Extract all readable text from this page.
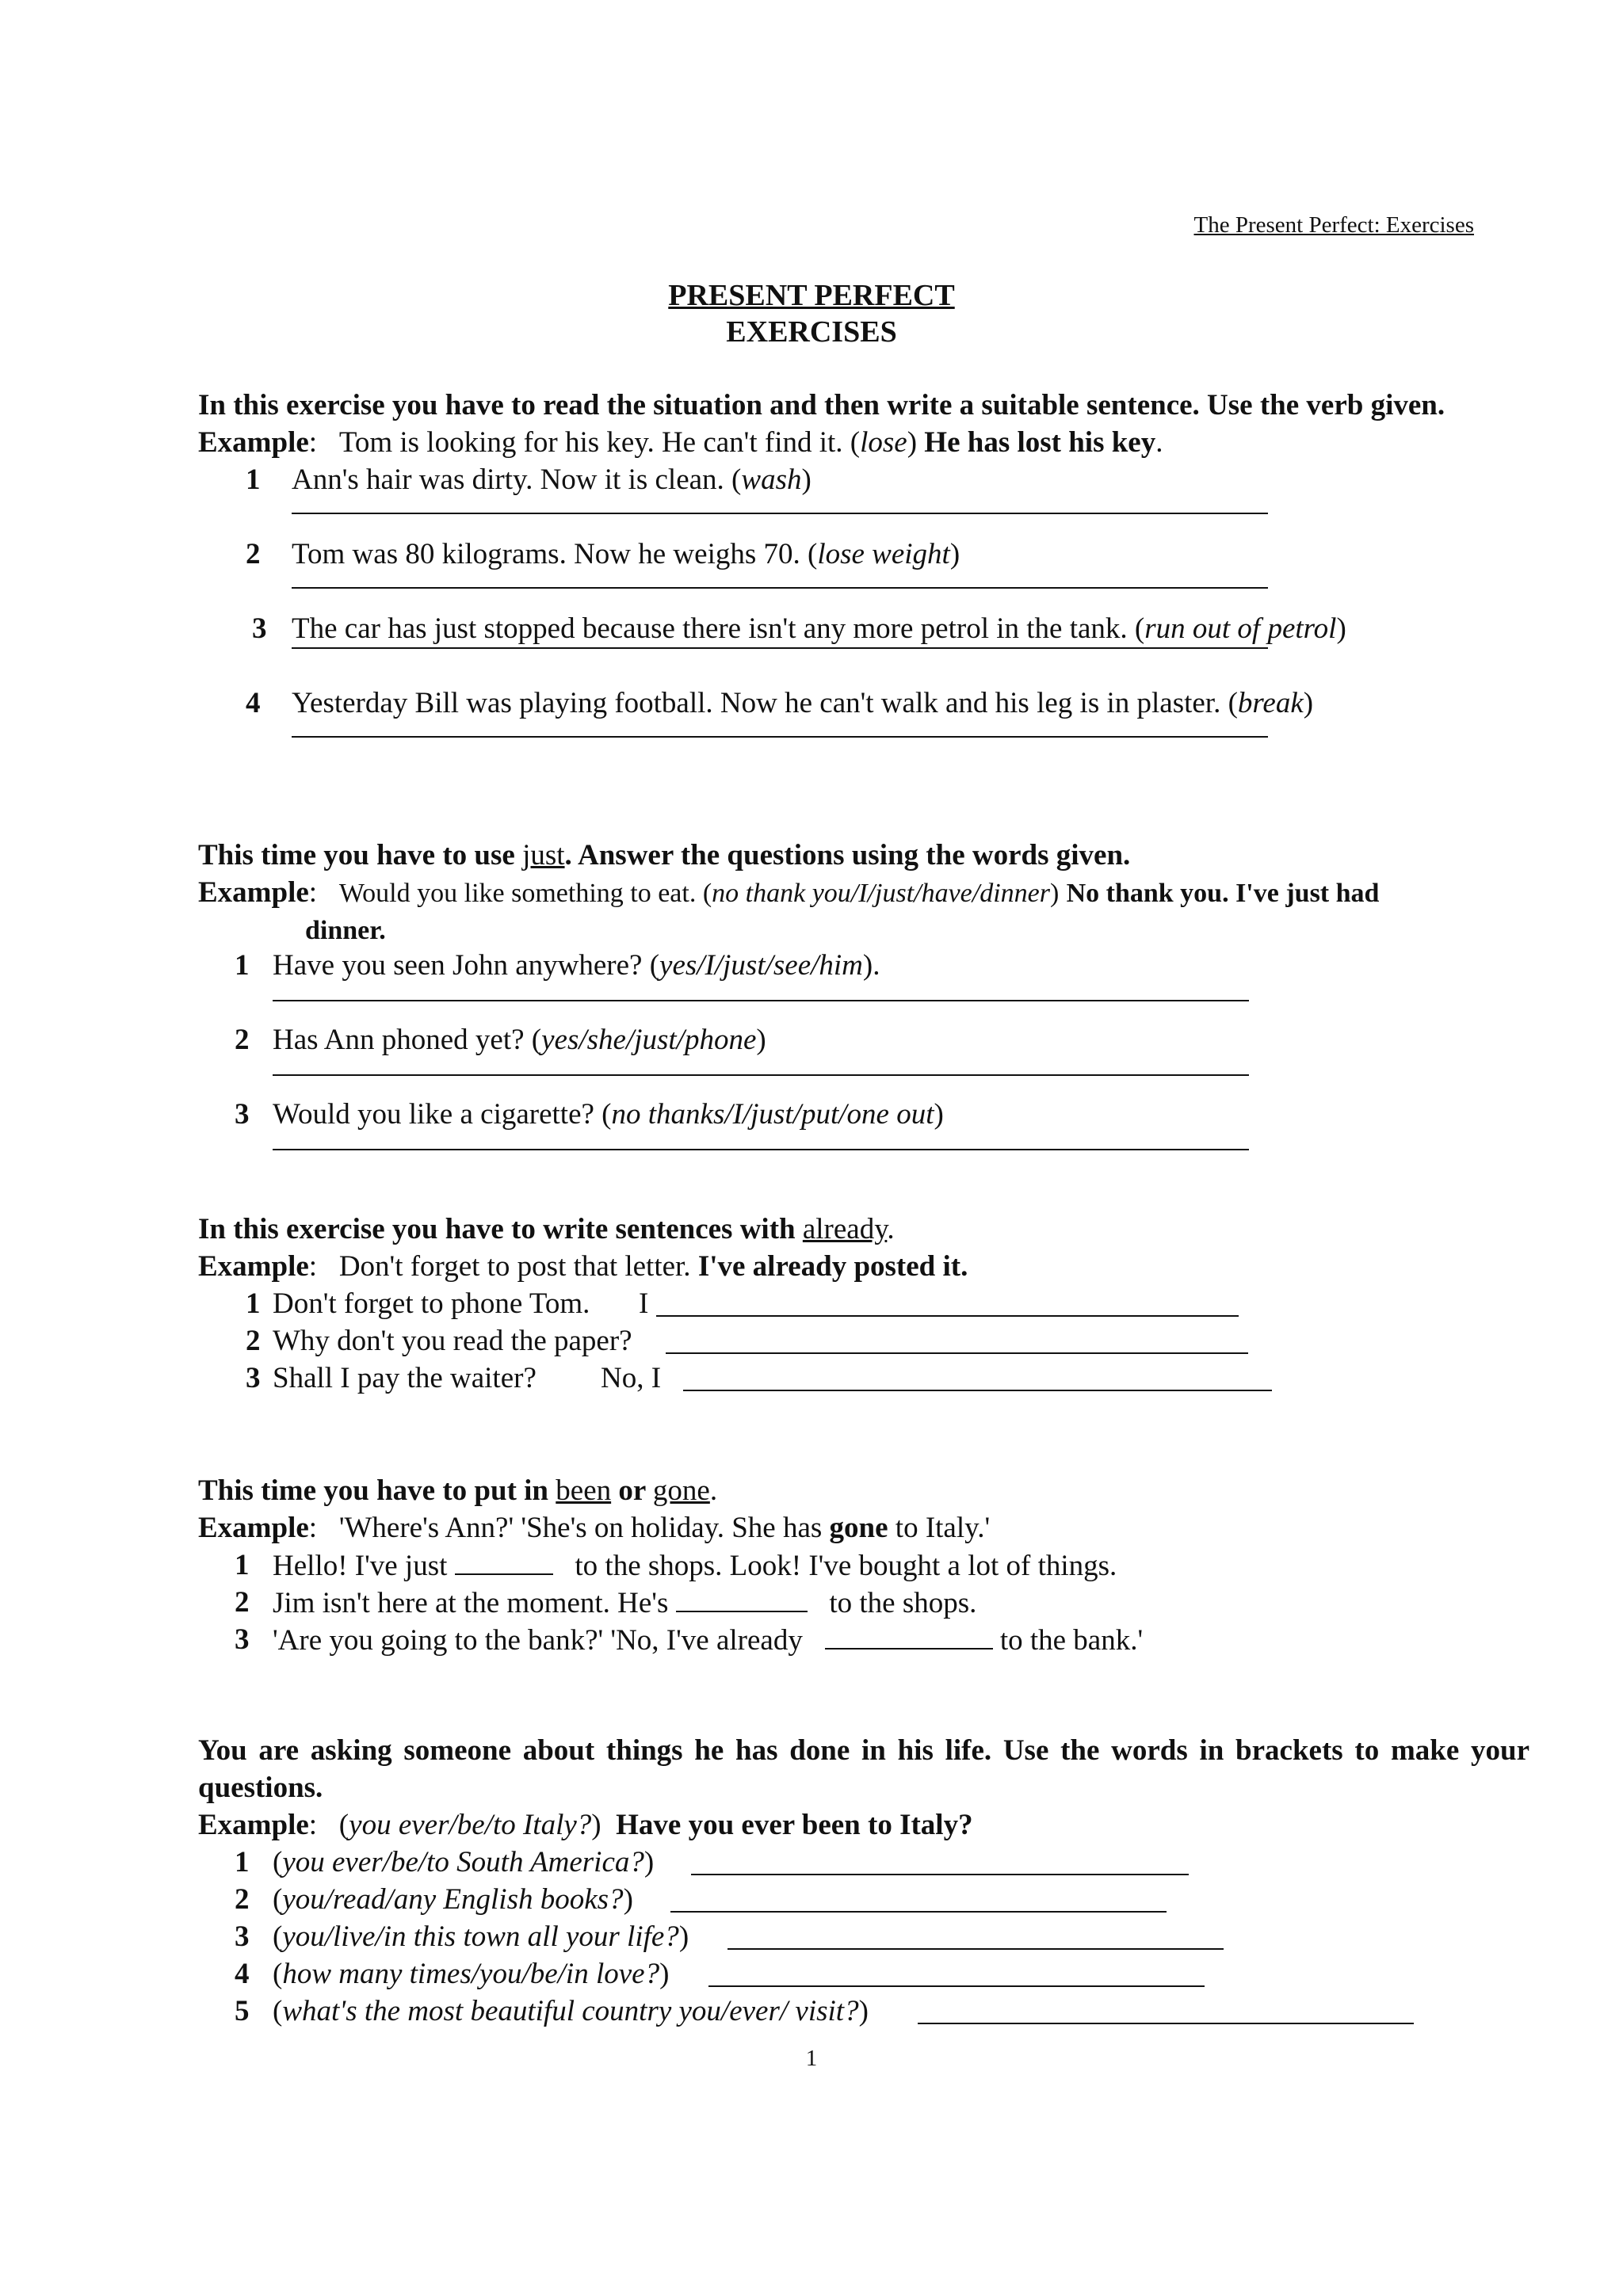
The Present Perfect: Exercises
PRESENT PERFECT
EXERCISES
In this exercise you have to read the situation and then write a suitable sentence. Use the verb given.
Example:   Tom is looking for his key. He can't find it. (lose) He has lost his key.
1 Ann's hair was dirty. Now it is clean. (wash)
2 Tom was 80 kilograms. Now he weighs 70. (lose weight)
3 The car has just stopped because there isn't any more petrol in the tank. (run out of petrol)
4 Yesterday Bill was playing football. Now he can't walk and his leg is in plaster. (break)
This time you have to use just. Answer the questions using the words given.
Example:   Would you like something to eat. (no thank you/I/just/have/dinner) No thank you. I've just had
dinner.
1 Have you seen John anywhere? (yes/I/just/see/him).
2 Has Ann phoned yet? (yes/she/just/phone)
3 Would you like a cigarette? (no thanks/I/just/put/one out)
In this exercise you have to write sentences with already.
Example:   Don't forget to post that letter. I've already posted it.
1 Don't forget to phone Tom. I
2 Why don't you read the paper?
3 Shall I pay the waiter? No, I
This time you have to put in been or gone.
Example:   'Where's Ann?' 'She's on holiday. She has gone to Italy.'
1 Hello! I've just	to the shops. Look! I've bought a lot of things.
2 Jim isn't here at the moment. He's	to the shops.
3 'Are you going to the bank?' 'No, I've already	to the bank.'
You are asking someone about things he has done in his life. Use the words in brackets to make your questions.
Example:   (you ever/be/to Italy?)  Have you ever been to Italy?
1 (you ever/be/to South America?)
2 (you/read/any English books?)
3 (you/live/in this town all your life?)
4 (how many times/you/be/in love?)
5 (what's the most beautiful country you/ever/ visit?)
1
